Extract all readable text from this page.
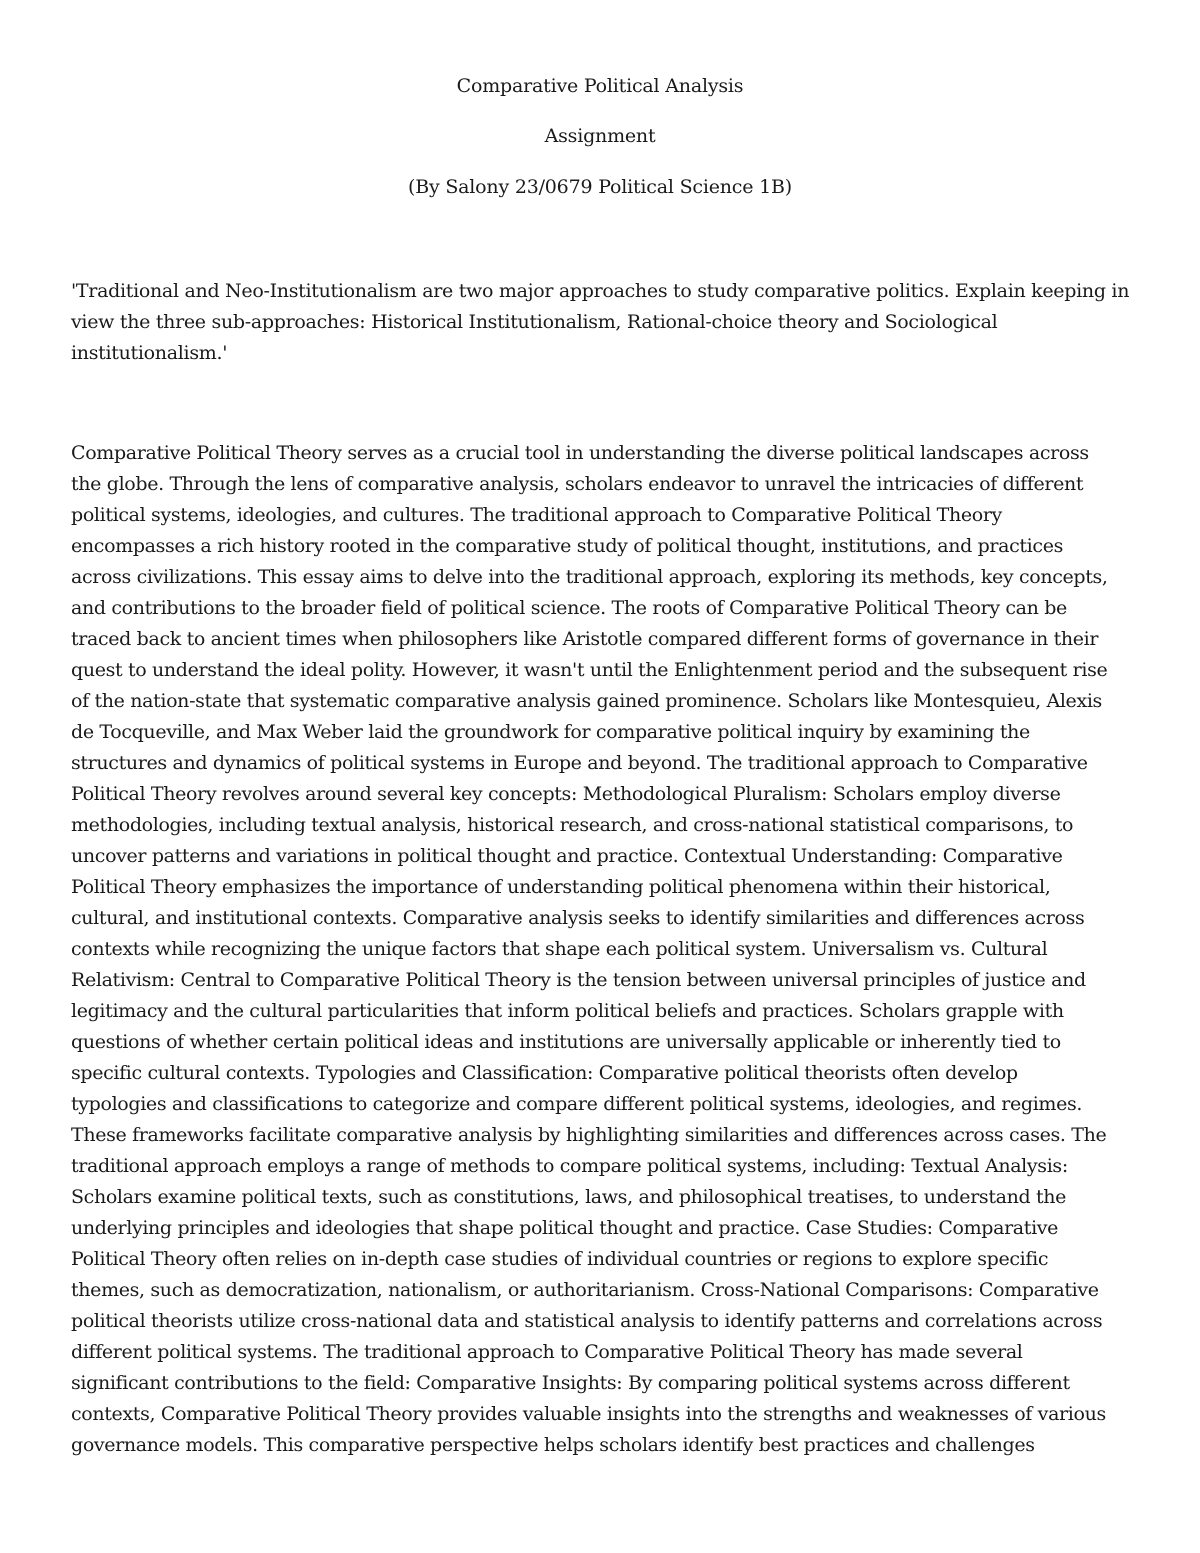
Comparative Political Analysis

Assignment

(By Salony 23/0679 Political Science 1B)

'Traditional and Neo-Institutionalism are two major approaches to study comparative politics. Explain keeping in view the three sub-approaches: Historical Institutionalism, Rational-choice theory and Sociological institutionalism.'

Comparative Political Theory serves as a crucial tool in understanding the diverse political landscapes across
the globe. Through the lens of comparative analysis, scholars endeavor to unravel the intricacies of different
political systems, ideologies, and cultures. The traditional approach to Comparative Political Theory
encompasses a rich history rooted in the comparative study of political thought, institutions, and practices
across civilizations. This essay aims to delve into the traditional approach, exploring its methods, key concepts,
and contributions to the broader field of political science. The roots of Comparative Political Theory can be
traced back to ancient times when philosophers like Aristotle compared different forms of governance in their
quest to understand the ideal polity. However, it wasn't until the Enlightenment period and the subsequent rise
of the nation-state that systematic comparative analysis gained prominence. Scholars like Montesquieu, Alexis
de Tocqueville, and Max Weber laid the groundwork for comparative political inquiry by examining the
structures and dynamics of political systems in Europe and beyond. The traditional approach to Comparative
Political Theory revolves around several key concepts: Methodological Pluralism: Scholars employ diverse
methodologies, including textual analysis, historical research, and cross-national statistical comparisons, to
uncover patterns and variations in political thought and practice. Contextual Understanding: Comparative
Political Theory emphasizes the importance of understanding political phenomena within their historical,
cultural, and institutional contexts. Comparative analysis seeks to identify similarities and differences across
contexts while recognizing the unique factors that shape each political system. Universalism vs. Cultural
Relativism: Central to Comparative Political Theory is the tension between universal principles of justice and
legitimacy and the cultural particularities that inform political beliefs and practices. Scholars grapple with
questions of whether certain political ideas and institutions are universally applicable or inherently tied to
specific cultural contexts. Typologies and Classification: Comparative political theorists often develop
typologies and classifications to categorize and compare different political systems, ideologies, and regimes.
These frameworks facilitate comparative analysis by highlighting similarities and differences across cases. The
traditional approach employs a range of methods to compare political systems, including: Textual Analysis:
Scholars examine political texts, such as constitutions, laws, and philosophical treatises, to understand the
underlying principles and ideologies that shape political thought and practice. Case Studies: Comparative
Political Theory often relies on in-depth case studies of individual countries or regions to explore specific
themes, such as democratization, nationalism, or authoritarianism. Cross-National Comparisons: Comparative
political theorists utilize cross-national data and statistical analysis to identify patterns and correlations across
different political systems. The traditional approach to Comparative Political Theory has made several
significant contributions to the field: Comparative Insights: By comparing political systems across different
contexts, Comparative Political Theory provides valuable insights into the strengths and weaknesses of various
governance models. This comparative perspective helps scholars identify best practices and challenges
